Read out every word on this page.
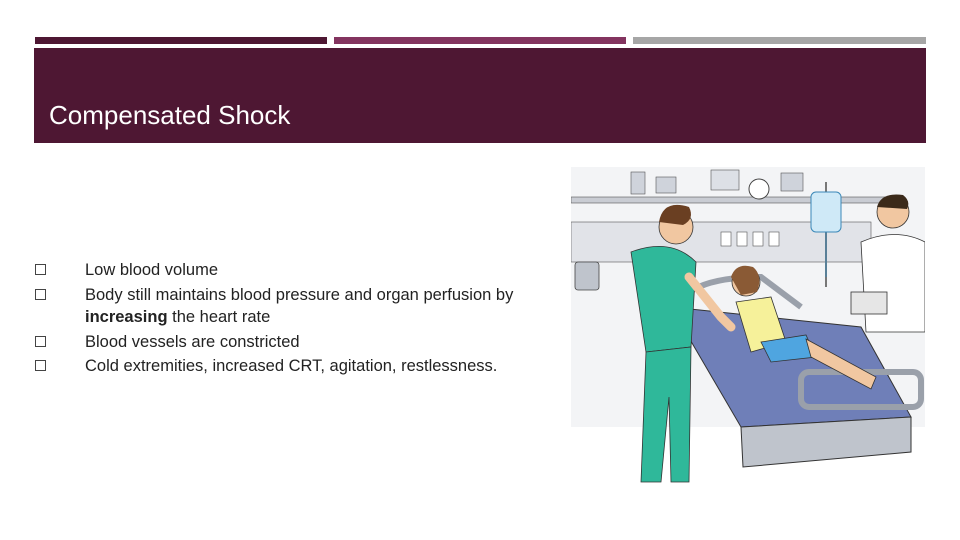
Compensated Shock
Low blood volume
Body still maintains blood pressure and organ perfusion by increasing the heart rate
Blood vessels are constricted
Cold extremities, increased CRT, agitation, restlessness.
